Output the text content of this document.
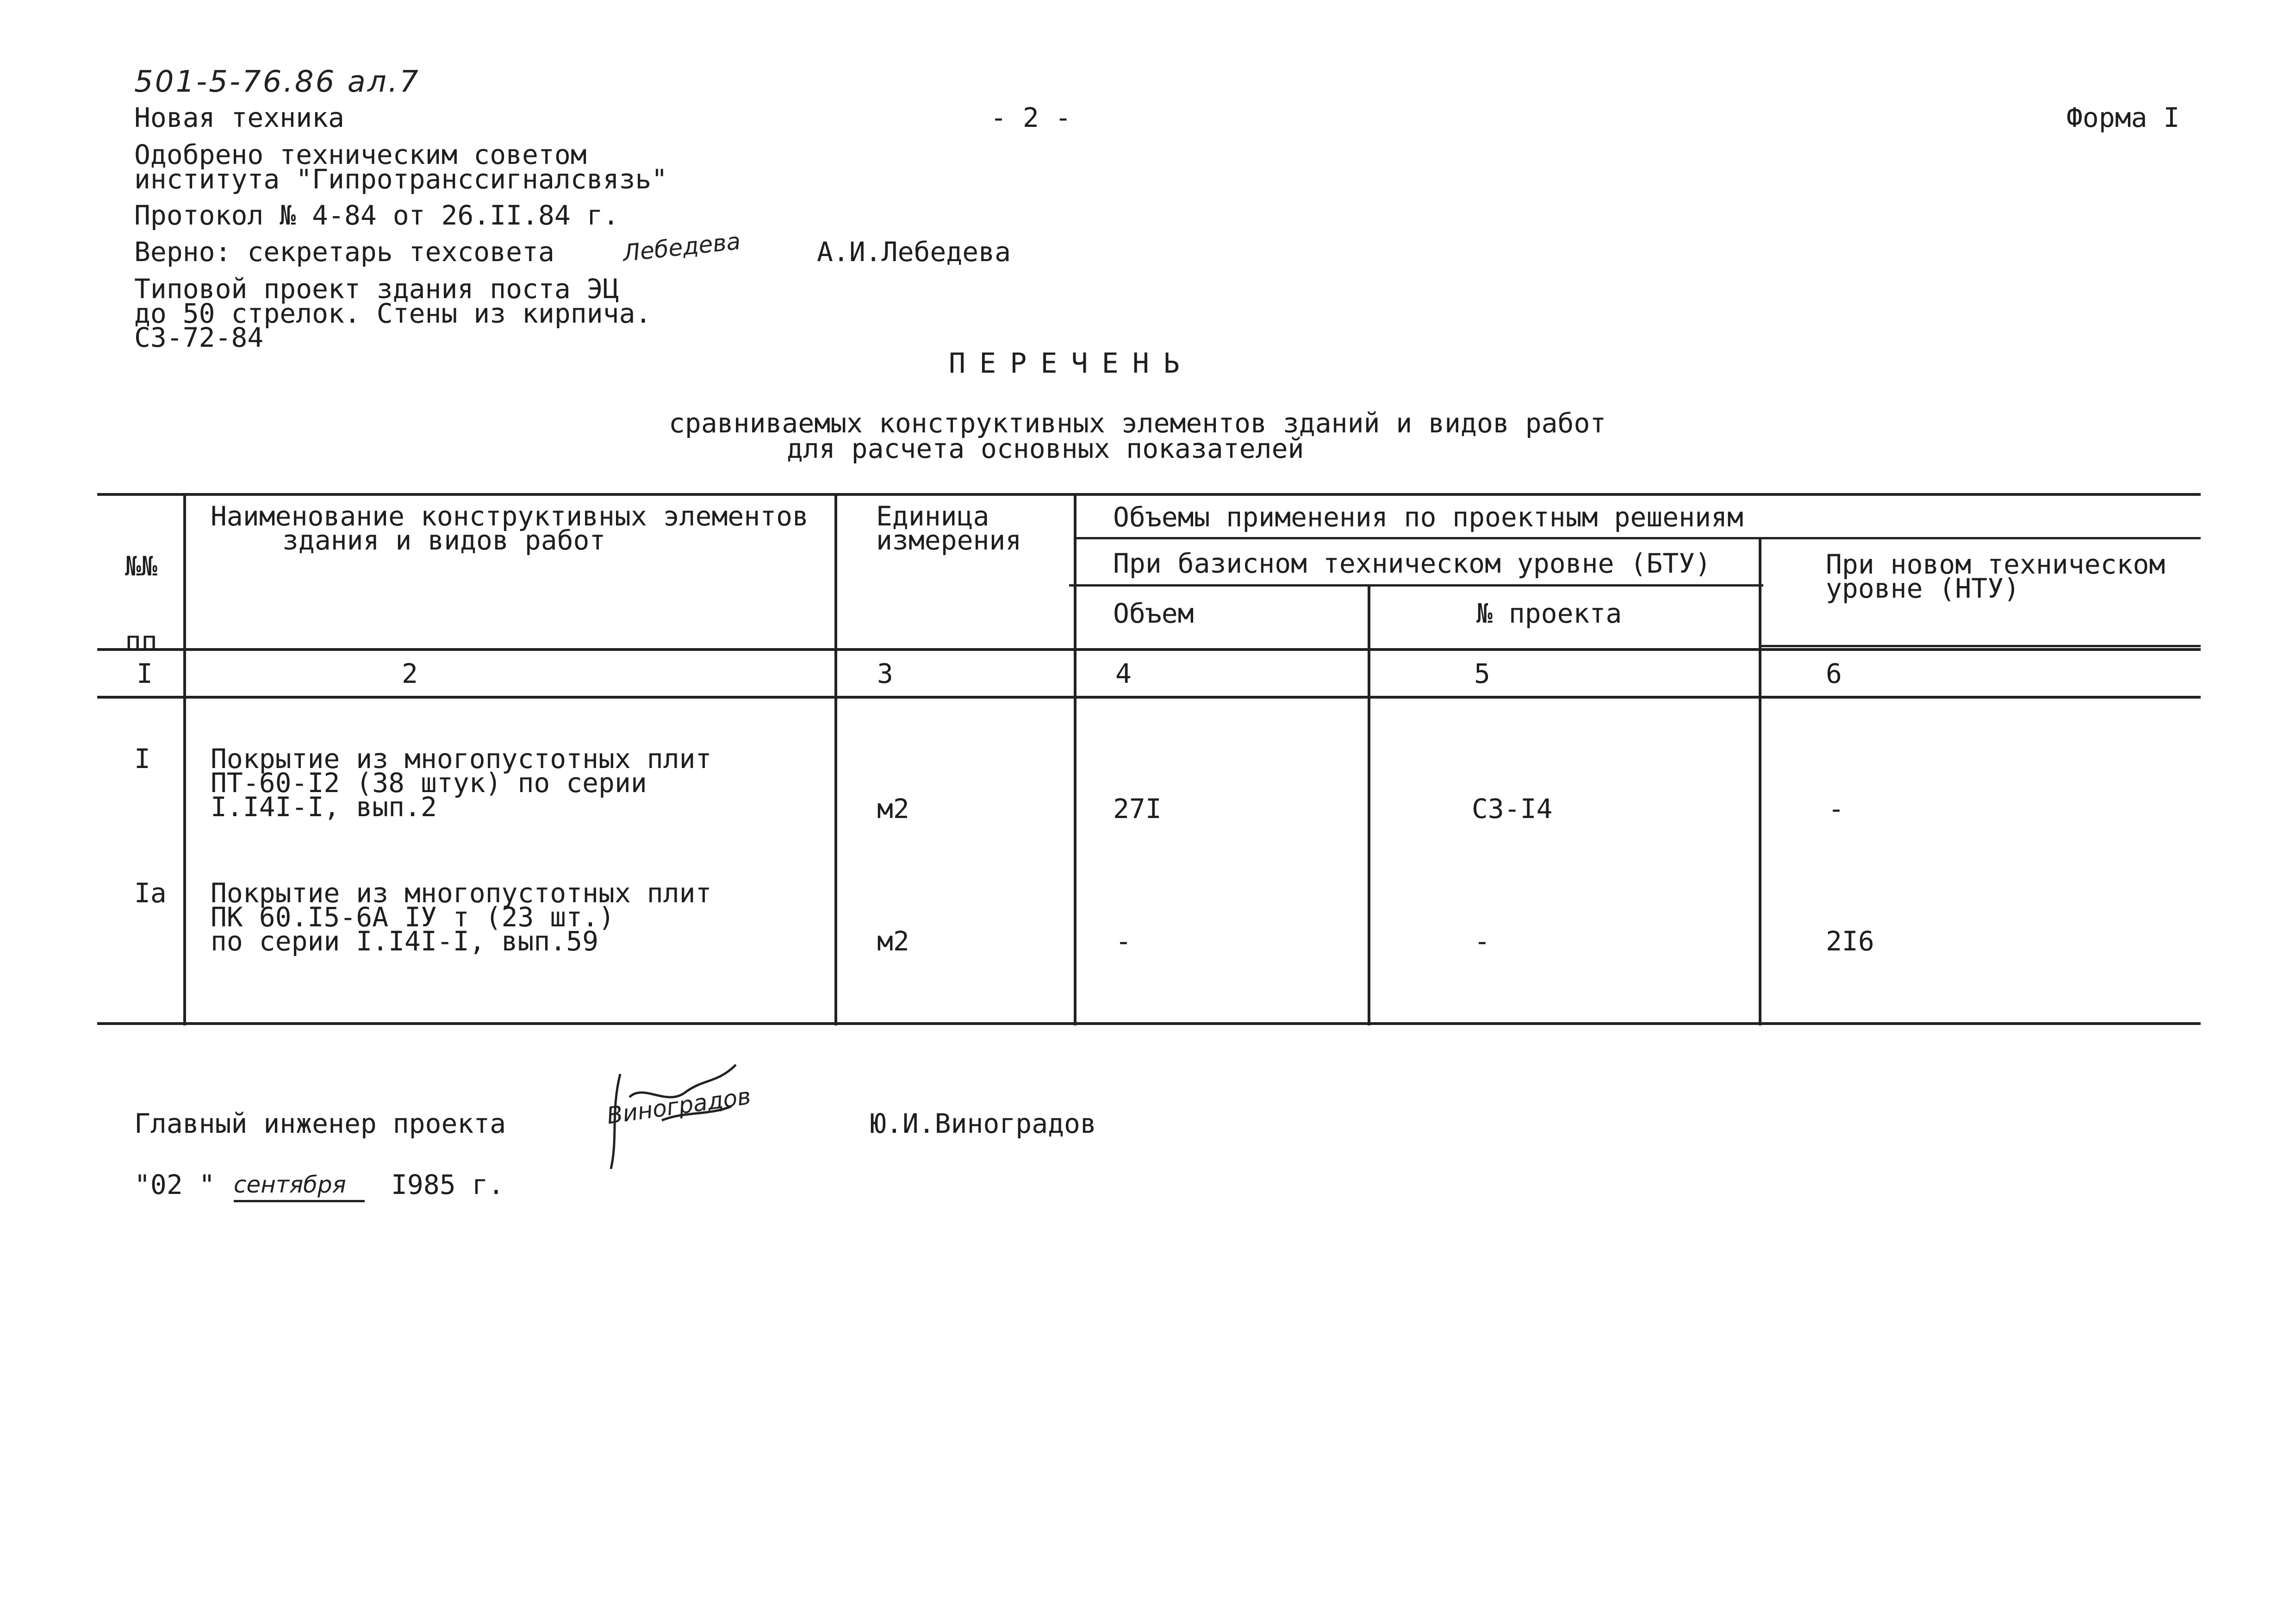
501-5-76.86 ал.7
Новая техника	- 2 -	Форма I
Одобрено техническим советом
института "Гипротранссигналсвязь"
Протокол № 4-84 от 26.II.84 г.
Верно: секретарь техсовета	Лебедева	А.И.Лебедева
Типовой проект здания поста ЭЦ
до 50 стрелок. Стены из кирпича.
С3-72-84
ПЕРЕЧЕНЬ
сравниваемых конструктивных элементов зданий и видов работ
для расчета основных показателей

№№

пп

Наименование конструктивных элементов
здания и видов работ
Единица
измерения
Объемы применения по проектным решениям
При базисном техническом уровне (БТУ)	При новом техническом
уровне (НТУ)
Объем	№ проекта
I	2	3	4	5	6
I Покрытие из многопустотных плит
ПТ-60-I2 (38 штук) по серии
I.I4I-I, вып.2	м2	27I	С3-I4	-
Iа Покрытие из многопустотных плит
ПК 60.I5-6А IУ т (23 шт.)
по серии I.I4I-I, вып.59	м2	-	-	2I6
Главный инженер проекта	Виноградов	Ю.И.Виноградов
"02 " сентября	I985 г.
